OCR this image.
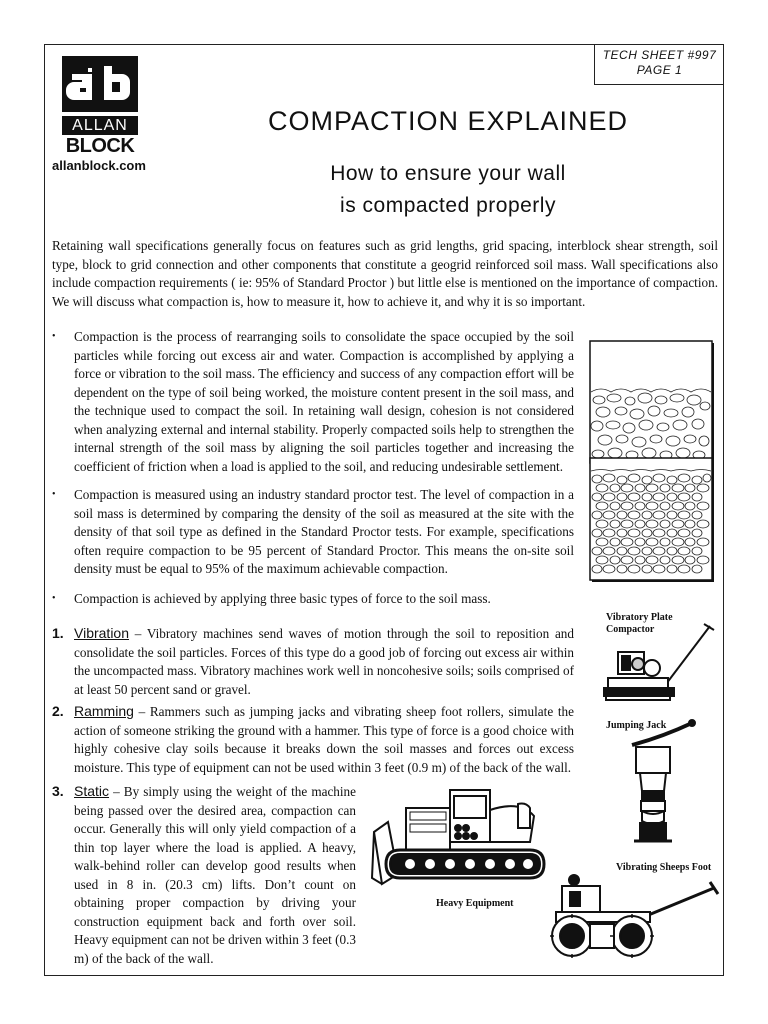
TECH SHEET #997
PAGE 1
ALLAN
BLOCK
allanblock.com
COMPACTION EXPLAINED
How to ensure your wall
is compacted properly

Retaining wall specifications generally focus on features such as grid lengths, grid spacing, interblock shear strength, soil type, block to grid connection and other components that constitute a geogrid reinforced soil mass. Wall specifications also include compaction requirements ( ie: 95% of Standard Proctor ) but little else is mentioned on the importance of compaction. We will discuss what compaction is, how to measure it, how to achieve it, and why it is so important.

•	Compaction is the process of rearranging soils to consolidate the space occupied by the soil particles while forcing out excess air and water. Compaction is accomplished by applying a force or vibration to the soil mass. The efficiency and success of any compaction effort will be dependent on the type of soil being worked, the moisture content present in the soil mass, and the technique used to compact the soil. In retaining wall design, cohesion is not considered when analyzing external and internal stability. Properly compacted soils help to strengthen the internal strength of the soil mass by aligning the soil particles together and increasing the coefficient of friction when a load is applied to the soil, and reducing undesirable settlement.
•	Compaction is measured using an industry standard proctor test. The level of compaction in a soil mass is determined by comparing the density of the soil as measured at the site with the density of that soil type as defined in the Standard Proctor tests. For example, specifications often require compaction to be 95 percent of Standard Proctor. This means the on-site soil density must be equal to 95% of the maximum achievable compaction.
•	Compaction is achieved by applying three basic types of force to the soil mass.
1. Vibration – Vibratory machines send waves of motion through the soil to reposition and consolidate the soil particles. Forces of this type do a good job of forcing out excess air within the uncompacted mass. Vibratory machines work well in noncohesive soils; soils comprised of at least 50 percent sand or gravel.
2. Ramming – Rammers such as jumping jacks and vibrating sheep foot rollers, simulate the action of someone striking the ground with a hammer. This type of force is a good choice with highly cohesive clay soils because it breaks down the soil masses and forces out excess moisture. This type of equipment can not be used within 3 feet (0.9 m) of the back of the wall.
3. Static – By simply using the weight of the machine being passed over the desired area, compaction can occur. Generally this will only yield compaction of a thin top layer where the load is applied. A heavy, walk-behind roller can develop good results when used in 8 in. (20.3 cm) lifts. Don’t count on obtaining proper compaction by driving your construction equipment back and forth over soil. Heavy equipment can not be driven within 3 feet (0.3 m) of the back of the wall.
Vibratory Plate Compactor
Jumping Jack
Heavy Equipment
Vibrating Sheeps Foot
